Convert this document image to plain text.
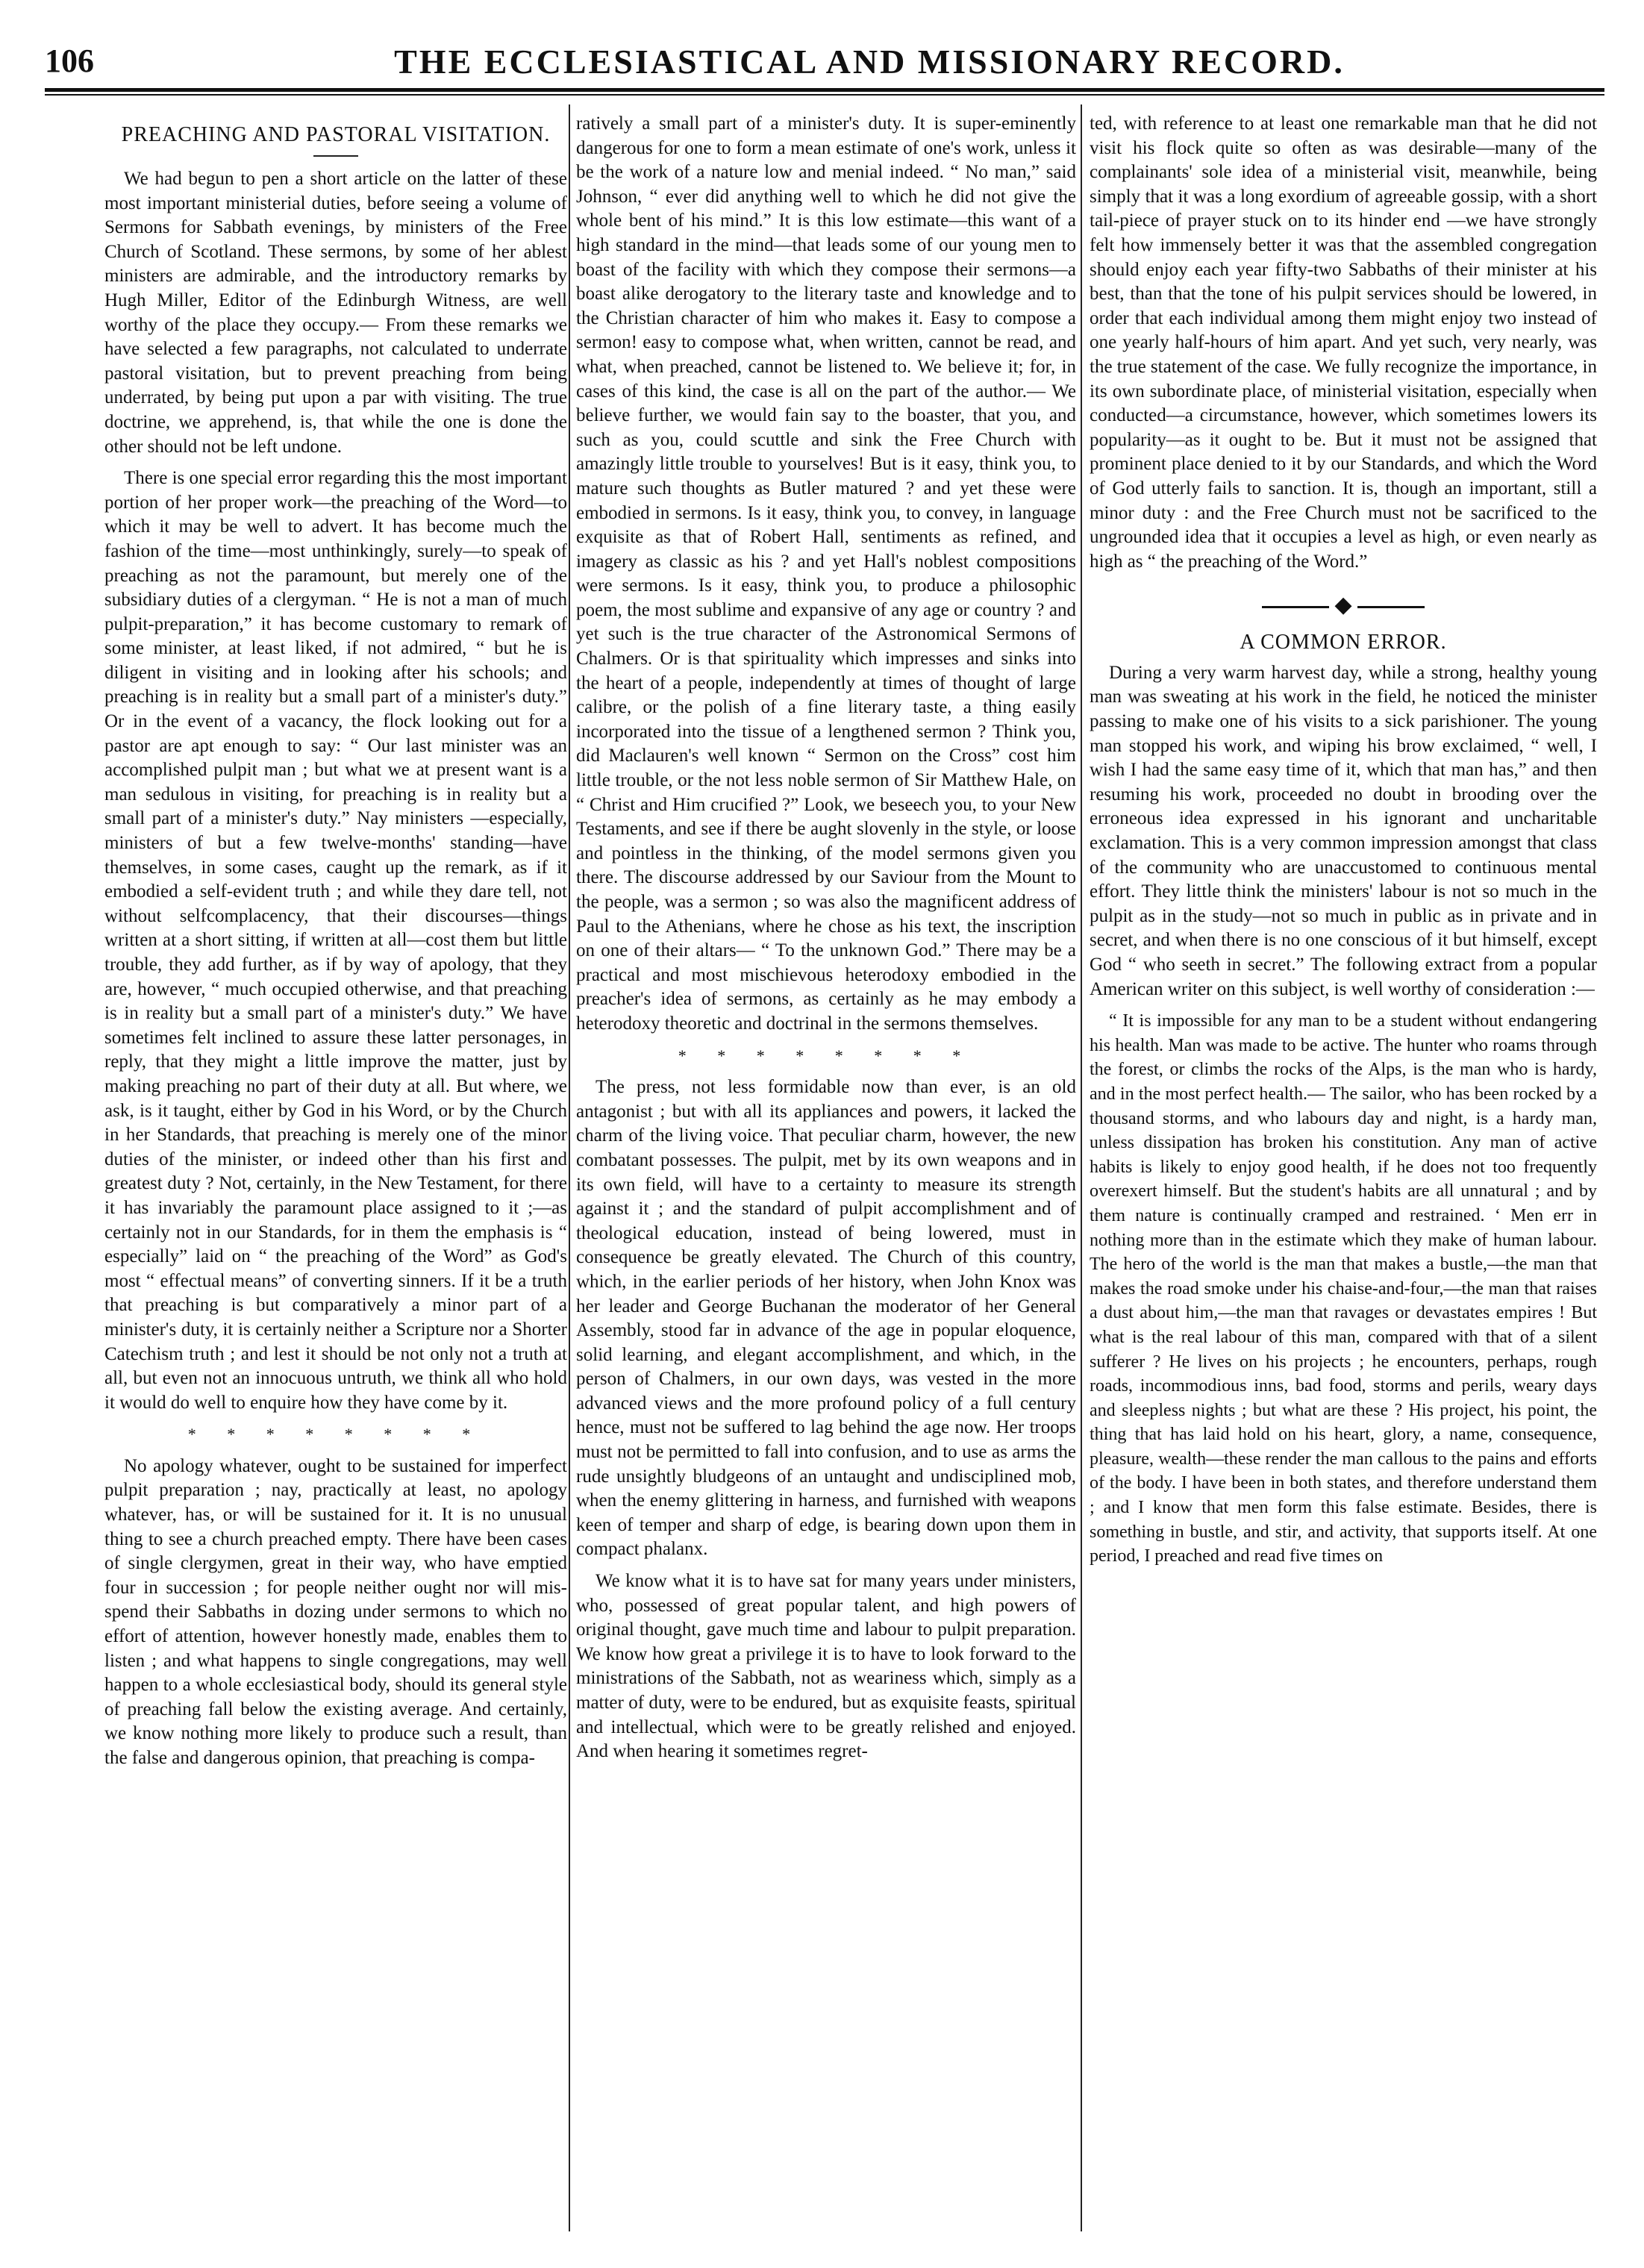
106	THE ECCLESIASTICAL AND MISSIONARY RECORD.
PREACHING AND PASTORAL VISITATION.

We had begun to pen a short article on the latter of these most important ministerial duties, before seeing a volume of Sermons for Sabbath evenings, by ministers of the Free Church of Scotland. These sermons, by some of her ablest ministers are admirable, and the introductory remarks by Hugh Miller, Editor of the Edinburgh Witness, are well worthy of the place they occupy.— From these remarks we have selected a few paragraphs, not calculated to underrate pastoral visitation, but to prevent preaching from being underrated, by being put upon a par with visiting. The true doctrine, we apprehend, is, that while the one is done the other should not be left undone.

There is one special error regarding this the most important portion of her proper work—the preaching of the Word—to which it may be well to advert. It has become much the fashion of the time—most unthinkingly, surely—to speak of preaching as not the paramount, but merely one of the subsidiary duties of a clergyman. “ He is not a man of much pulpit-preparation,” it has become customary to remark of some minister, at least liked, if not admired, “ but he is diligent in visiting and in looking after his schools; and preaching is in reality but a small part of a minister's duty.” Or in the event of a vacancy, the flock looking out for a pastor are apt enough to say: “ Our last minister was an accomplished pulpit man ; but what we at present want is a man sedulous in visiting, for preaching is in reality but a small part of a minister's duty.” Nay ministers —especially, ministers of but a few twelve-months' standing—have themselves, in some cases, caught up the remark, as if it embodied a self-evident truth ; and while they dare tell, not without selfcomplacency, that their discourses—things written at a short sitting, if written at all—cost them but little trouble, they add further, as if by way of apology, that they are, however, “ much occupied otherwise, and that preaching is in reality but a small part of a minister's duty.” We have sometimes felt inclined to assure these latter personages, in reply, that they might a little improve the matter, just by making preaching no part of their duty at all. But where, we ask, is it taught, either by God in his Word, or by the Church in her Standards, that preaching is merely one of the minor duties of the minister, or indeed other than his first and greatest duty ? Not, certainly, in the New Testament, for there it has invariably the paramount place assigned to it ;—as certainly not in our Standards, for in them the emphasis is “ especially” laid on “ the preaching of the Word” as God's most “ effectual means” of converting sinners. If it be a truth that preaching is but comparatively a minor part of a minister's duty, it is certainly neither a Scripture nor a Shorter Catechism truth ; and lest it should be not only not a truth at all, but even not an innocuous untruth, we think all who hold it would do well to enquire how they have come by it.

* * * * * * * *

No apology whatever, ought to be sustained for imperfect pulpit preparation ; nay, practically at least, no apology whatever, has, or will be sustained for it. It is no unusual thing to see a church preached empty. There have been cases of single clergymen, great in their way, who have emptied four in succession ; for people neither ought nor will mis-spend their Sabbaths in dozing under sermons to which no effort of attention, however honestly made, enables them to listen ; and what happens to single congregations, may well happen to a whole ecclesiastical body, should its general style of preaching fall below the existing average. And certainly, we know nothing more likely to produce such a result, than the false and dangerous opinion, that preaching is compa-

ratively a small part of a minister's duty. It is super-eminently dangerous for one to form a mean estimate of one's work, unless it be the work of a nature low and menial indeed. “ No man,” said Johnson, “ ever did anything well to which he did not give the whole bent of his mind.” It is this low estimate—this want of a high standard in the mind—that leads some of our young men to boast of the facility with which they compose their sermons—a boast alike derogatory to the literary taste and knowledge and to the Christian character of him who makes it. Easy to compose a sermon! easy to compose what, when written, cannot be read, and what, when preached, cannot be listened to. We believe it; for, in cases of this kind, the case is all on the part of the author.— We believe further, we would fain say to the boaster, that you, and such as you, could scuttle and sink the Free Church with amazingly little trouble to yourselves! But is it easy, think you, to mature such thoughts as Butler matured ? and yet these were embodied in sermons. Is it easy, think you, to convey, in language exquisite as that of Robert Hall, sentiments as refined, and imagery as classic as his ? and yet Hall's noblest compositions were sermons. Is it easy, think you, to produce a philosophic poem, the most sublime and expansive of any age or country ? and yet such is the true character of the Astronomical Sermons of Chalmers. Or is that spirituality which impresses and sinks into the heart of a people, independently at times of thought of large calibre, or the polish of a fine literary taste, a thing easily incorporated into the tissue of a lengthened sermon ? Think you, did Maclauren's well known “ Sermon on the Cross” cost him little trouble, or the not less noble sermon of Sir Matthew Hale, on “ Christ and Him crucified ?” Look, we beseech you, to your New Testaments, and see if there be aught slovenly in the style, or loose and pointless in the thinking, of the model sermons given you there. The discourse addressed by our Saviour from the Mount to the people, was a sermon ; so was also the magnificent address of Paul to the Athenians, where he chose as his text, the inscription on one of their altars— “ To the unknown God.” There may be a practical and most mischievous heterodoxy embodied in the preacher's idea of sermons, as certainly as he may embody a heterodoxy theoretic and doctrinal in the sermons themselves.

* * * * * * * *

The press, not less formidable now than ever, is an old antagonist ; but with all its appliances and powers, it lacked the charm of the living voice. That peculiar charm, however, the new combatant possesses. The pulpit, met by its own weapons and in its own field, will have to a certainty to measure its strength against it ; and the standard of pulpit accomplishment and of theological education, instead of being lowered, must in consequence be greatly elevated. The Church of this country, which, in the earlier periods of her history, when John Knox was her leader and George Buchanan the moderator of her General Assembly, stood far in advance of the age in popular eloquence, solid learning, and elegant accomplishment, and which, in the person of Chalmers, in our own days, was vested in the more advanced views and the more profound policy of a full century hence, must not be suffered to lag behind the age now. Her troops must not be permitted to fall into confusion, and to use as arms the rude unsightly bludgeons of an untaught and undisciplined mob, when the enemy glittering in harness, and furnished with weapons keen of temper and sharp of edge, is bearing down upon them in compact phalanx.

We know what it is to have sat for many years under ministers, who, possessed of great popular talent, and high powers of original thought, gave much time and labour to pulpit preparation. We know how great a privilege it is to have to look forward to the ministrations of the Sabbath, not as weariness which, simply as a matter of duty, were to be endured, but as exquisite feasts, spiritual and intellectual, which were to be greatly relished and enjoyed. And when hearing it sometimes regret-

ted, with reference to at least one remarkable man that he did not visit his flock quite so often as was desirable—many of the complainants' sole idea of a ministerial visit, meanwhile, being simply that it was a long exordium of agreeable gossip, with a short tail-piece of prayer stuck on to its hinder end —we have strongly felt how immensely better it was that the assembled congregation should enjoy each year fifty-two Sabbaths of their minister at his best, than that the tone of his pulpit services should be lowered, in order that each individual among them might enjoy two instead of one yearly half-hours of him apart. And yet such, very nearly, was the true statement of the case. We fully recognize the importance, in its own subordinate place, of ministerial visitation, especially when conducted—a circumstance, however, which sometimes lowers its popularity—as it ought to be. But it must not be assigned that prominent place denied to it by our Standards, and which the Word of God utterly fails to sanction. It is, though an important, still a minor duty : and the Free Church must not be sacrificed to the ungrounded idea that it occupies a level as high, or even nearly as high as “ the preaching of the Word.”

◆
A COMMON ERROR.

During a very warm harvest day, while a strong, healthy young man was sweating at his work in the field, he noticed the minister passing to make one of his visits to a sick parishioner. The young man stopped his work, and wiping his brow exclaimed, “ well, I wish I had the same easy time of it, which that man has,” and then resuming his work, proceeded no doubt in brooding over the erroneous idea expressed in his ignorant and uncharitable exclamation. This is a very common impression amongst that class of the community who are unaccustomed to continuous mental effort. They little think the ministers' labour is not so much in the pulpit as in the study—not so much in public as in private and in secret, and when there is no one conscious of it but himself, except God “ who seeth in secret.” The following extract from a popular American writer on this subject, is well worthy of consideration :—

“ It is impossible for any man to be a student without endangering his health. Man was made to be active. The hunter who roams through the forest, or climbs the rocks of the Alps, is the man who is hardy, and in the most perfect health.— The sailor, who has been rocked by a thousand storms, and who labours day and night, is a hardy man, unless dissipation has broken his constitution. Any man of active habits is likely to enjoy good health, if he does not too frequently overexert himself. But the student's habits are all unnatural ; and by them nature is continually cramped and restrained. ‘ Men err in nothing more than in the estimate which they make of human labour. The hero of the world is the man that makes a bustle,—the man that makes the road smoke under his chaise-and-four,—the man that raises a dust about him,—the man that ravages or devastates empires ! But what is the real labour of this man, compared with that of a silent sufferer ? He lives on his projects ; he encounters, perhaps, rough roads, incommodious inns, bad food, storms and perils, weary days and sleepless nights ; but what are these ? His project, his point, the thing that has laid hold on his heart, glory, a name, consequence, pleasure, wealth—these render the man callous to the pains and efforts of the body. I have been in both states, and therefore understand them ; and I know that men form this false estimate. Besides, there is something in bustle, and stir, and activity, that supports itself. At one period, I preached and read five times on
